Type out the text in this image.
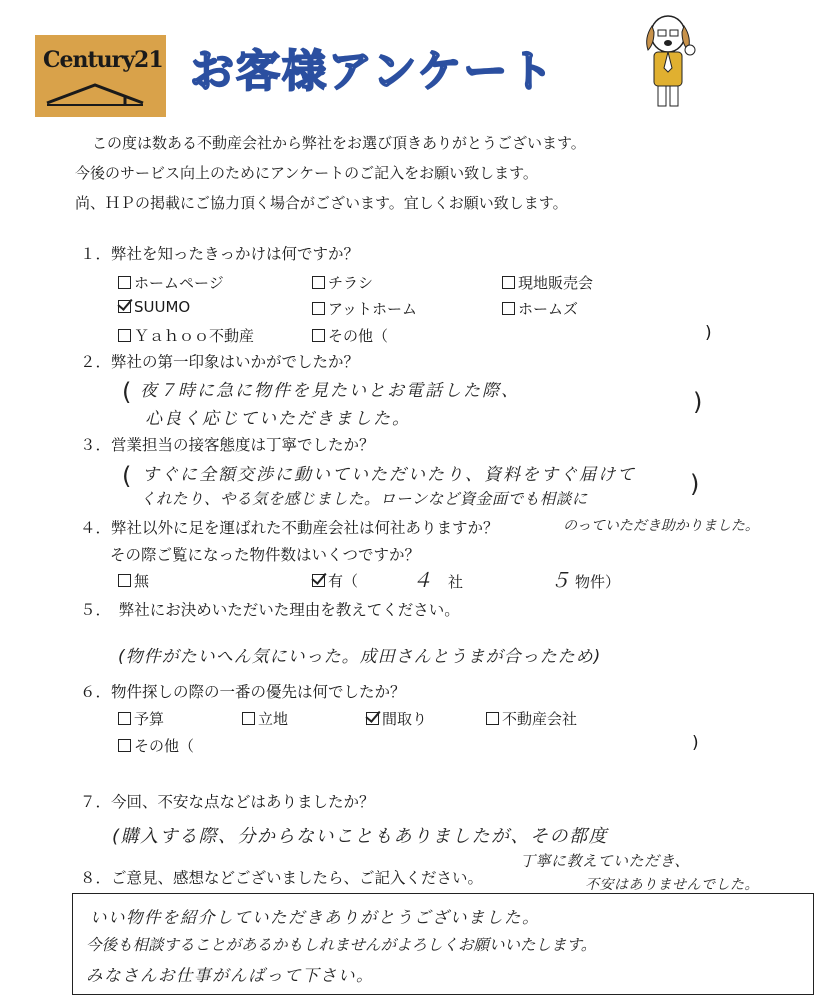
Century21 お客様アンケート
この度は数ある不動産会社から弊社をお選び頂きありがとうございます。
今後のサービス向上のためにアンケートのご記入をお願い致します。
尚、ＨＰの掲載にご協力頂く場合がございます。宜しくお願い致します。
１．弊社を知ったきっかけは何ですか？
ホームページ	チラシ	現地販売会
SUUMO	アットホーム	ホームズ
Ｙａｈｏｏ不動産	その他（	)
２．弊社の第一印象はいかがでしたか？
( 夜７時に急に物件を見たいとお電話した際、
心良く応じていただきました。
)
３．営業担当の接客態度は丁寧でしたか？
( すぐに全額交渉に動いていただいたり、資料をすぐ届けて
くれたり、やる気を感じました。ローンなど資金面でも相談に
のっていただき助かりました。
)
４．弊社以外に足を運ばれた不動産会社は何社ありますか？
その際ご覧になった物件数はいくつですか？
無	有（	４ 社	５ 物件）
５．　弊社にお決めいただいた理由を教えてください。
(物件がたいへん気にいった。成田さんとうまが合ったため)
６．物件探しの際の一番の優先は何でしたか？
予算	立地	間取り	不動産会社
その他（	)
７．今回、不安な点などはありましたか？
(購入する際、分からないこともありましたが、その都度
丁寧に教えていただき、
不安はありませんでした。
８．ご意見、感想などございましたら、ご記入ください。
いい物件を紹介していただきありがとうございました。
今後も相談することがあるかもしれませんがよろしくお願いいたします。
みなさんお仕事がんばって下さい。
